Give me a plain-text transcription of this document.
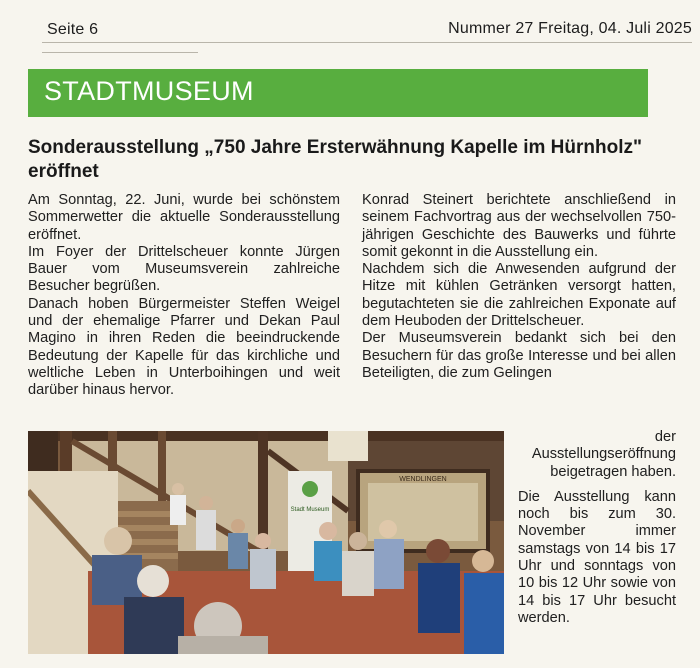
Seite 6	Nummer 27 Freitag, 04. Juli 2025
STADTMUSEUM
Sonderausstellung „750 Jahre Ersterwähnung Kapelle im Hürnholz" eröffnet

Am Sonntag, 22. Juni, wurde bei schönstem Sommerwetter die aktuelle Sonderausstellung eröffnet.

Im Foyer der Drittelscheuer konnte Jürgen Bauer vom Museumsverein zahlreiche Besucher begrüßen.

Danach hoben Bürgermeister Steffen Weigel und der ehemalige Pfarrer und Dekan Paul Magino in ihren Reden die beeindruckende Bedeutung der Kapelle für das kirchliche und weltliche Leben in Unterboihingen und weit darüber hinaus hervor.

Konrad Steinert berichtete anschließend in seinem Fachvortrag aus der wechselvollen 750-jährigen Geschichte des Bauwerks und führte somit gekonnt in die Ausstellung ein.

Nachdem sich die Anwesenden aufgrund der Hitze mit kühlen Getränken versorgt hatten, begutachteten sie die zahlreichen Exponate auf dem Heuboden der Drittelscheuer.

Der Museumsverein bedankt sich bei den Besuchern für das große Interesse und bei allen Beteiligten, die zum Gelingen

der Ausstellungseröffnung beigetragen haben.

Die Ausstellung kann noch bis zum 30. November immer samstags von 14 bis 17 Uhr und sonntags von 10 bis 12 Uhr sowie von 14 bis 17 Uhr besucht werden.

WENDLINGEN
Stadt Museum
